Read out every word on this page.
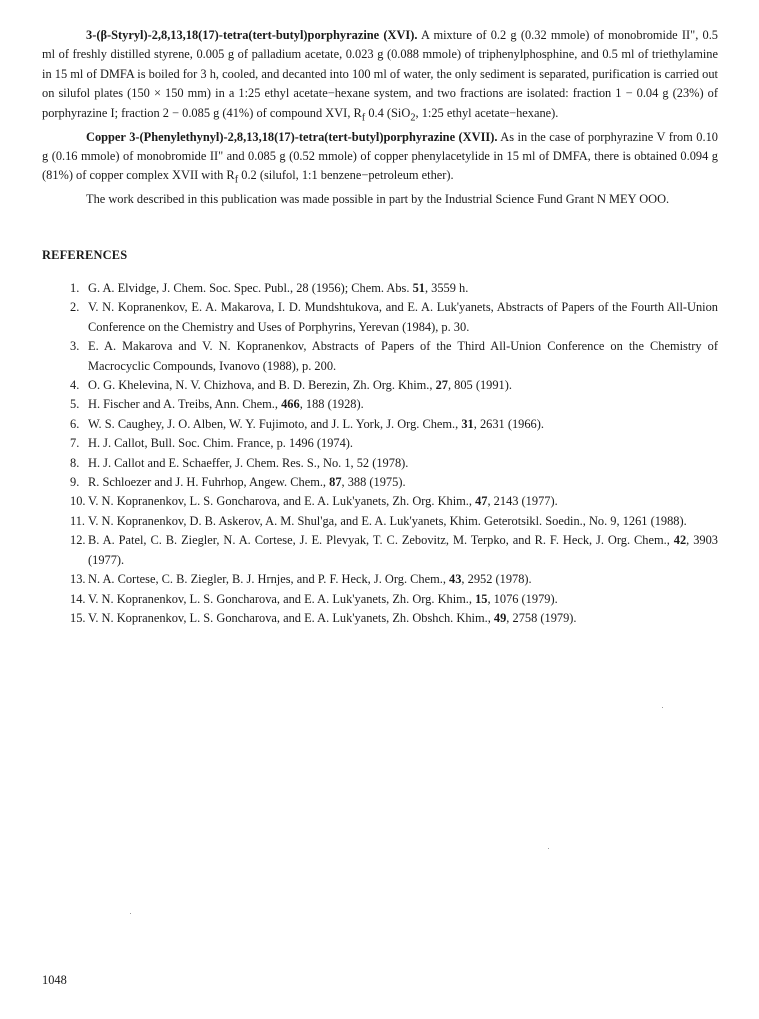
3-(β-Styryl)-2,8,13,18(17)-tetra(tert-butyl)porphyrazine (XVI). A mixture of 0.2 g (0.32 mmole) of monobromide II", 0.5 ml of freshly distilled styrene, 0.005 g of palladium acetate, 0.023 g (0.088 mmole) of triphenylphosphine, and 0.5 ml of triethylamine in 15 ml of DMFA is boiled for 3 h, cooled, and decanted into 100 ml of water, the only sediment is separated, purification is carried out on silufol plates (150 × 150 mm) in a 1:25 ethyl acetate−hexane system, and two fractions are isolated: fraction 1 − 0.04 g (23%) of porphyrazine I; fraction 2 − 0.085 g (41%) of compound XVI, $R_f$ 0.4 (SiO$_2$, 1:25 ethyl acetate−hexane).

Copper 3-(Phenylethynyl)-2,8,13,18(17)-tetra(tert-butyl)porphyrazine (XVII). As in the case of porphyrazine V from 0.10 g (0.16 mmole) of monobromide II" and 0.085 g (0.52 mmole) of copper phenylacetylide in 15 ml of DMFA, there is obtained 0.094 g (81%) of copper complex XVII with $R_f$ 0.2 (silufol, 1:1 benzene−petroleum ether).

The work described in this publication was made possible in part by the Industrial Science Fund Grant N MEY OOO.

REFERENCES
1. G. A. Elvidge, J. Chem. Soc. Spec. Publ., 28 (1956); Chem. Abs. 51, 3559 h.
2. V. N. Kopranenkov, E. A. Makarova, I. D. Mundshtukova, and E. A. Luk'yanets, Abstracts of Papers of the Fourth All-Union Conference on the Chemistry and Uses of Porphyrins, Yerevan (1984), p. 30.
3. E. A. Makarova and V. N. Kopranenkov, Abstracts of Papers of the Third All-Union Conference on the Chemistry of Macrocyclic Compounds, Ivanovo (1988), p. 200.
4. O. G. Khelevina, N. V. Chizhova, and B. D. Berezin, Zh. Org. Khim., 27, 805 (1991).
5. H. Fischer and A. Treibs, Ann. Chem., 466, 188 (1928).
6. W. S. Caughey, J. O. Alben, W. Y. Fujimoto, and J. L. York, J. Org. Chem., 31, 2631 (1966).
7. H. J. Callot, Bull. Soc. Chim. France, p. 1496 (1974).
8. H. J. Callot and E. Schaeffer, J. Chem. Res. S., No. 1, 52 (1978).
9. R. Schloezer and J. H. Fuhrhop, Angew. Chem., 87, 388 (1975).
10. V. N. Kopranenkov, L. S. Goncharova, and E. A. Luk'yanets, Zh. Org. Khim., 47, 2143 (1977).
11. V. N. Kopranenkov, D. B. Askerov, A. M. Shul'ga, and E. A. Luk'yanets, Khim. Geterotsikl. Soedin., No. 9, 1261 (1988).
12. B. A. Patel, C. B. Ziegler, N. A. Cortese, J. E. Plevyak, T. C. Zebovitz, M. Terpko, and R. F. Heck, J. Org. Chem., 42, 3903 (1977).
13. N. A. Cortese, C. B. Ziegler, B. J. Hrnjes, and P. F. Heck, J. Org. Chem., 43, 2952 (1978).
14. V. N. Kopranenkov, L. S. Goncharova, and E. A. Luk'yanets, Zh. Org. Khim., 15, 1076 (1979).
15. V. N. Kopranenkov, L. S. Goncharova, and E. A. Luk'yanets, Zh. Obshch. Khim., 49, 2758 (1979).
1048
